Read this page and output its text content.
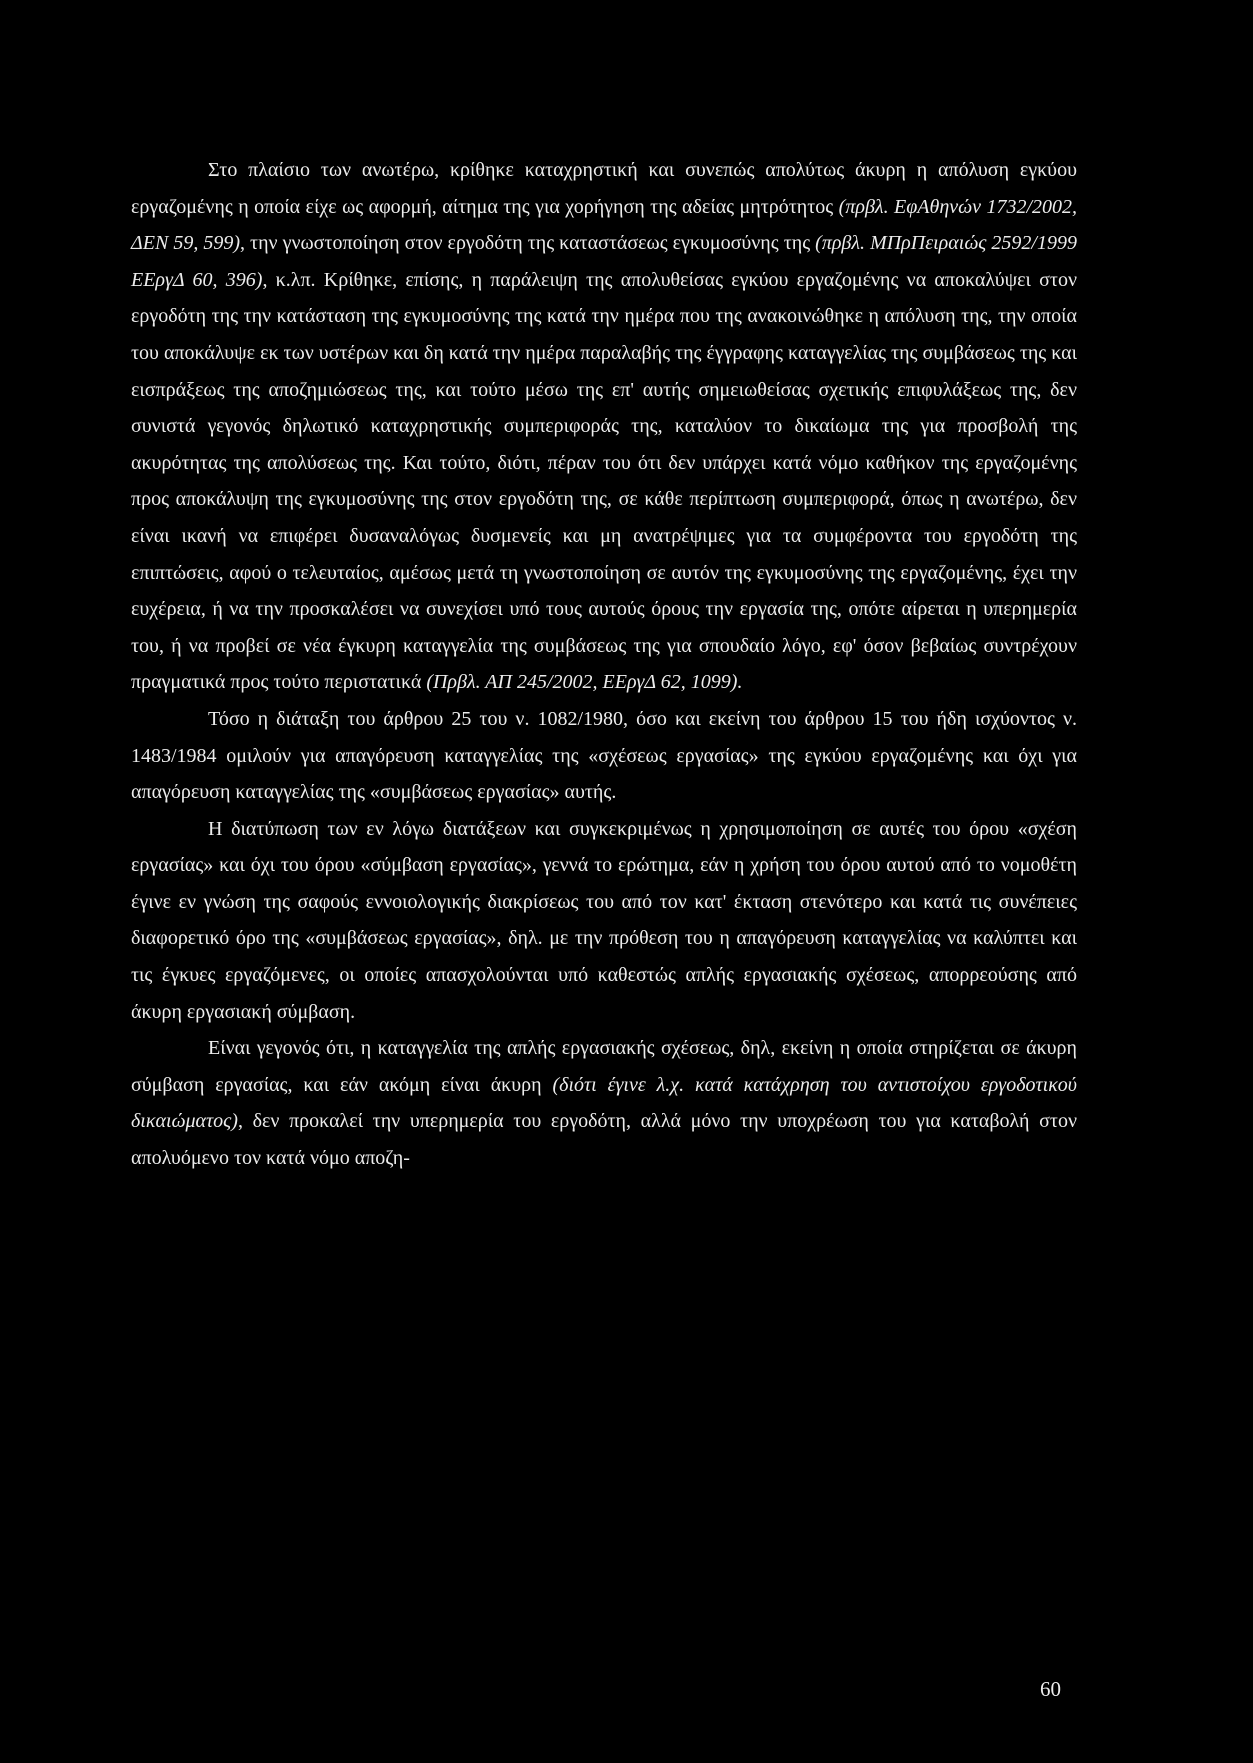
Στο πλαίσιο των ανωτέρω, κρίθηκε καταχρηστική και συνεπώς απολύτως άκυρη η απόλυση εγκύου εργαζομένης η οποία είχε ως αφορμή, αίτημα της για χορήγηση της αδείας μητρότητος (πρβλ. ΕφΑθηνών 1732/2002, ΔΕΝ 59, 599), την γνωστοποίηση στον εργοδότη της καταστάσεως εγκυμοσύνης της (πρβλ. ΜΠρΠειραιώς 2592/1999 ΕΕργΔ 60, 396), κ.λπ. Κρίθηκε, επίσης, η παράλειψη της απολυθείσας εγκύου εργαζομένης να αποκαλύψει στον εργοδότη της την κατάσταση της εγκυμοσύνης της κατά την ημέρα που της ανακοινώθηκε η απόλυση της, την οποία του αποκάλυψε εκ των υστέρων και δη κατά την ημέρα παραλαβής της έγγραφης καταγγελίας της συμβάσεως της και εισπράξεως της αποζημιώσεως της, και τούτο μέσω της επ' αυτής σημειωθείσας σχετικής επιφυλάξεως της, δεν συνιστά γεγονός δηλωτικό καταχρηστικής συμπεριφοράς της, καταλύον το δικαίωμα της για προσβολή της ακυρότητας της απολύσεως της. Και τούτο, διότι, πέραν του ότι δεν υπάρχει κατά νόμο καθήκον της εργαζομένης προς αποκάλυψη της εγκυμοσύνης της στον εργοδότη της, σε κάθε περίπτωση συμπεριφορά, όπως η ανωτέρω, δεν είναι ικανή να επιφέρει δυσαναλόγως δυσμενείς και μη ανατρέψιμες για τα συμφέροντα του εργοδότη της επιπτώσεις, αφού ο τελευταίος, αμέσως μετά τη γνωστοποίηση σε αυτόν της εγκυμοσύνης της εργαζομένης, έχει την ευχέρεια, ή να την προσκαλέσει να συνεχίσει υπό τους αυτούς όρους την εργασία της, οπότε αίρεται η υπερημερία του, ή να προβεί σε νέα έγκυρη καταγγελία της συμβάσεως της για σπουδαίο λόγο, εφ' όσον βεβαίως συντρέχουν πραγματικά προς τούτο περιστατικά (Πρβλ. ΑΠ 245/2002, ΕΕργΔ 62, 1099).

Τόσο η διάταξη του άρθρου 25 του ν. 1082/1980, όσο και εκείνη του άρθρου 15 του ήδη ισχύοντος ν. 1483/1984 ομιλούν για απαγόρευση καταγγελίας της «σχέσεως εργασίας» της εγκύου εργαζομένης και όχι για απαγόρευση καταγγελίας της «συμβάσεως εργασίας» αυτής.

Η διατύπωση των εν λόγω διατάξεων και συγκεκριμένως η χρησιμοποίηση σε αυτές του όρου «σχέση εργασίας» και όχι του όρου «σύμβαση εργασίας», γεννά το ερώτημα, εάν η χρήση του όρου αυτού από το νομοθέτη έγινε εν γνώση της σαφούς εννοιολογικής διακρίσεως του από τον κατ' έκταση στενότερο και κατά τις συνέπειες διαφορετικό όρο της «συμβάσεως εργασίας», δηλ. με την πρόθεση του η απαγόρευση καταγγελίας να καλύπτει και τις έγκυες εργαζόμενες, οι οποίες απασχολούνται υπό καθεστώς απλής εργασιακής σχέσεως, απορρεούσης από άκυρη εργασιακή σύμβαση.

Είναι γεγονός ότι, η καταγγελία της απλής εργασιακής σχέσεως, δηλ, εκείνη η οποία στηρίζεται σε άκυρη σύμβαση εργασίας, και εάν ακόμη είναι άκυρη (διότι έγινε λ.χ. κατά κατάχρηση του αντιστοίχου εργοδοτικού δικαιώματος), δεν προκαλεί την υπερημερία του εργοδότη, αλλά μόνο την υποχρέωση του για καταβολή στον απολυόμενο τον κατά νόμο αποζη-

60
